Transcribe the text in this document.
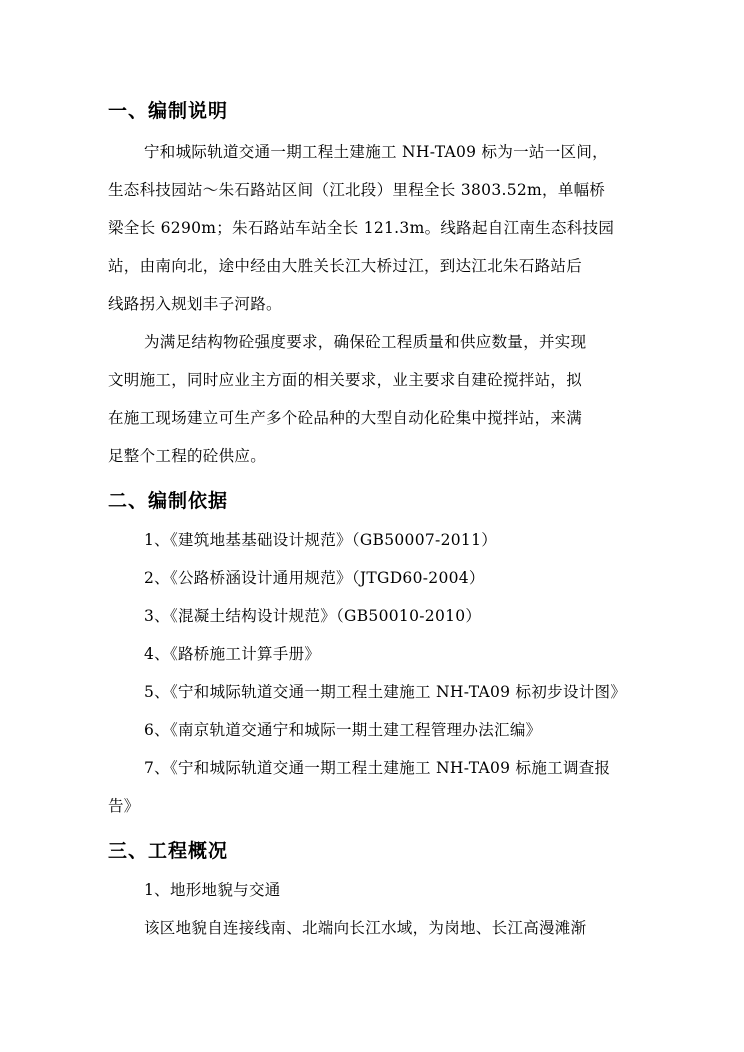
一、编制说明
宁和城际轨道交通一期工程土建施工 NH-TA09 标为一站一区间，
生态科技园站～朱石路站区间（江北段）里程全长 3803.52m，单幅桥
梁全长 6290m；朱石路站车站全长 121.3m。线路起自江南生态科技园
站，由南向北，途中经由大胜关长江大桥过江，到达江北朱石路站后
线路拐入规划丰子河路。
为满足结构物砼强度要求，确保砼工程质量和供应数量，并实现
文明施工，同时应业主方面的相关要求，业主要求自建砼搅拌站，拟
在施工现场建立可生产多个砼品种的大型自动化砼集中搅拌站，来满
足整个工程的砼供应。
二、编制依据
1、《建筑地基基础设计规范》（GB50007-2011）
2、《公路桥涵设计通用规范》（JTGD60-2004）
3、《混凝土结构设计规范》（GB50010-2010）
4、《路桥施工计算手册》
5、《宁和城际轨道交通一期工程土建施工 NH-TA09 标初步设计图》
6、《南京轨道交通宁和城际一期土建工程管理办法汇编》
7、《宁和城际轨道交通一期工程土建施工 NH-TA09 标施工调查报
告》
三、工程概况
1、地形地貌与交通
该区地貌自连接线南、北端向长江水域，为岗地、长江高漫滩渐
